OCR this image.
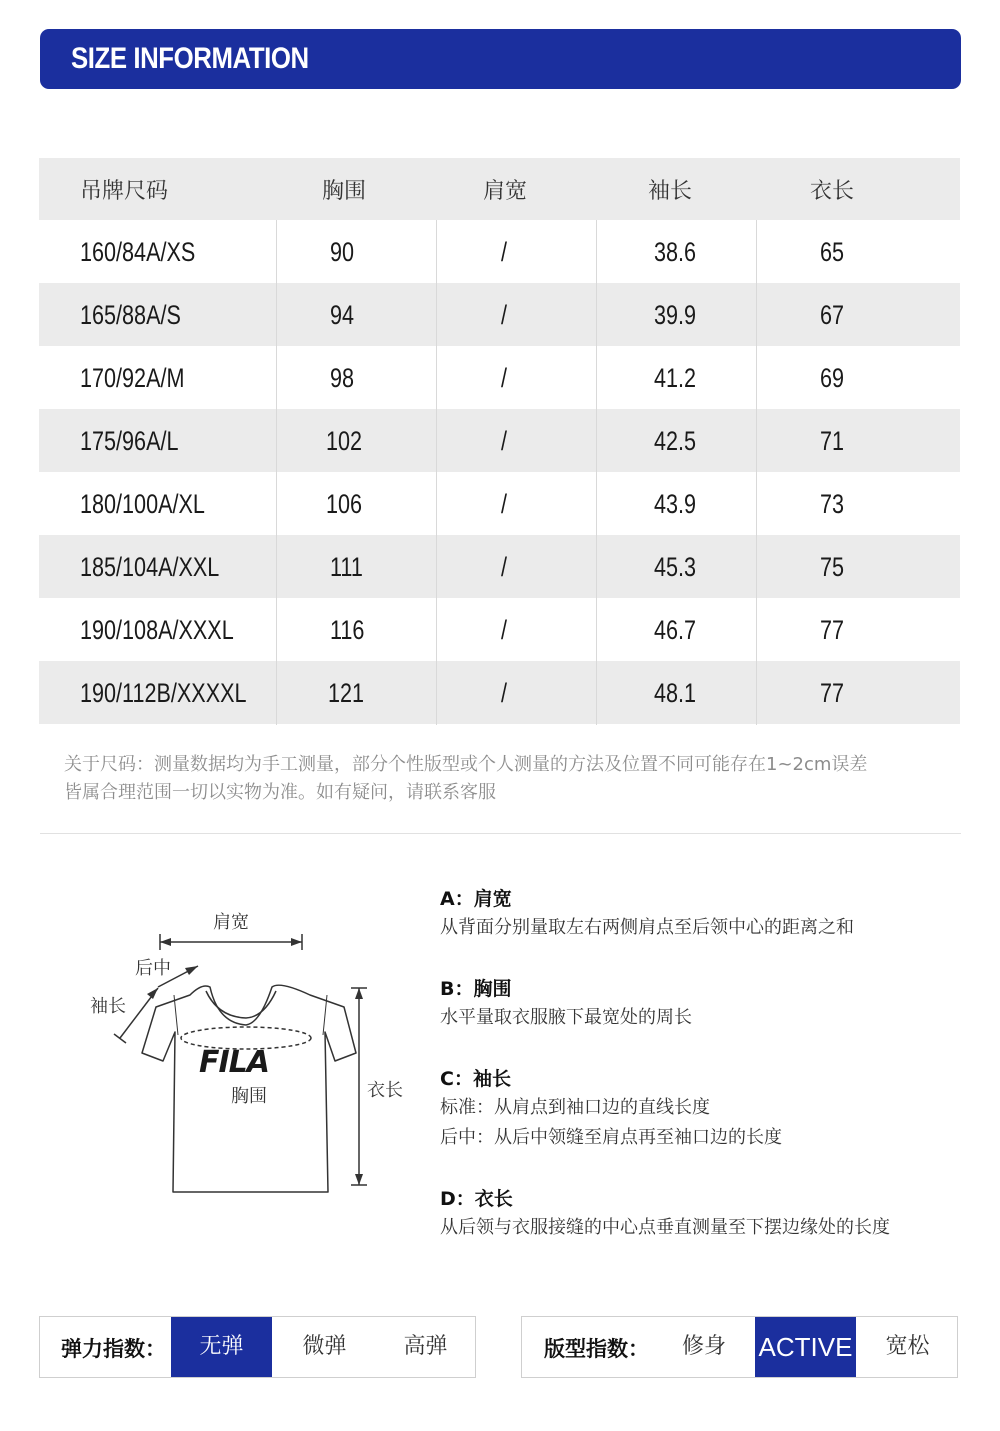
SIZE INFORMATION
吊牌尺码	胸围	肩宽	袖长	衣长
160/84A/XS	90	/	38.6	65
165/88A/S	94	/	39.9	67
170/92A/M	98	/	41.2	69
175/96A/L	102	/	42.5	71
180/100A/XL	106	/	43.9	73
185/104A/XXL	111	/	45.3	75
190/108A/XXXL	116	/	46.7	77
190/112B/XXXXL	121	/	48.1	77
关于尺码：测量数据均为手工测量，部分个性版型或个人测量的方法及位置不同可能存在1~2cm误差
皆属合理范围一切以实物为准。如有疑问，请联系客服
肩宽
后中
袖长
FILA
胸围	衣长
A：肩宽
从背面分别量取左右两侧肩点至后领中心的距离之和
B：胸围
水平量取衣服腋下最宽处的周长
C：袖长
标准：从肩点到袖口边的直线长度
后中：从后中领缝至肩点再至袖口边的长度
D：衣长
从后领与衣服接缝的中心点垂直测量至下摆边缘处的长度
弹力指数：	无弹	微弹	高弹	版型指数：	修身	ACTIVE	宽松
